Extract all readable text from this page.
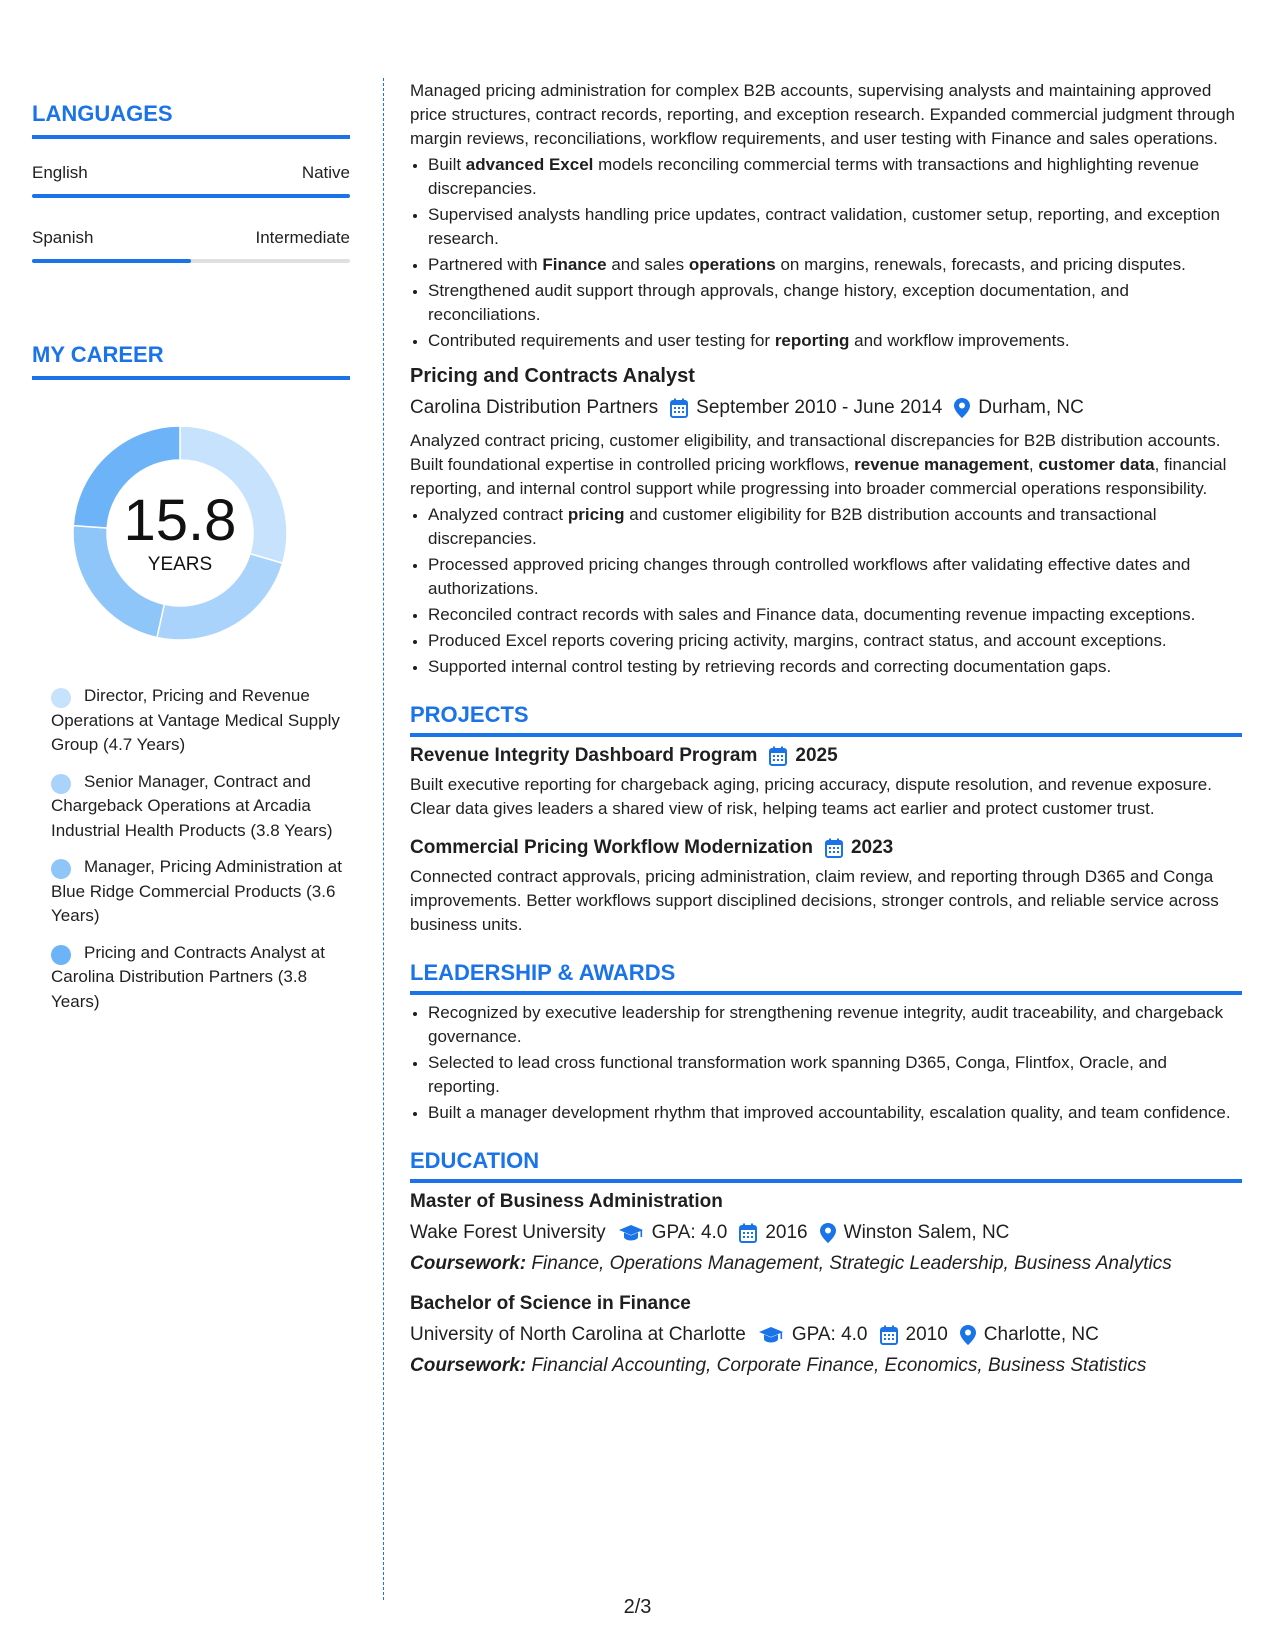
LANGUAGES
English	Native
Spanish	Intermediate
MY CAREER
15.8
YEARS
Director, Pricing and Revenue Operations at Vantage Medical Supply Group (4.7 Years)
Senior Manager, Contract and Chargeback Operations at Arcadia Industrial Health Products (3.8 Years)
Manager, Pricing Administration at Blue Ridge Commercial Products (3.6 Years)
Pricing and Contracts Analyst at Carolina Distribution Partners (3.8 Years)

Managed pricing administration for complex B2B accounts, supervising analysts and maintaining approved price structures, contract records, reporting, and exception research. Expanded commercial judgment through margin reviews, reconciliations, workflow requirements, and user testing with Finance and sales operations.

• Built advanced Excel models reconciling commercial terms with transactions and highlighting revenue discrepancies.
• Supervised analysts handling price updates, contract validation, customer setup, reporting, and exception research.
• Partnered with Finance and sales operations on margins, renewals, forecasts, and pricing disputes.
• Strengthened audit support through approvals, change history, exception documentation, and reconciliations.
• Contributed requirements and user testing for reporting and workflow improvements.
Pricing and Contracts Analyst
Carolina Distribution Partners September 2010 - June 2014 Durham, NC

Analyzed contract pricing, customer eligibility, and transactional discrepancies for B2B distribution accounts. Built foundational expertise in controlled pricing workflows, revenue management, customer data, financial reporting, and internal control support while progressing into broader commercial operations responsibility.

• Analyzed contract pricing and customer eligibility for B2B distribution accounts and transactional discrepancies.
• Processed approved pricing changes through controlled workflows after validating effective dates and authorizations.
• Reconciled contract records with sales and Finance data, documenting revenue impacting exceptions.
• Produced Excel reports covering pricing activity, margins, contract status, and account exceptions.
• Supported internal control testing by retrieving records and correcting documentation gaps.
PROJECTS
Revenue Integrity Dashboard Program 2025

Built executive reporting for chargeback aging, pricing accuracy, dispute resolution, and revenue exposure. Clear data gives leaders a shared view of risk, helping teams act earlier and protect customer trust.

Commercial Pricing Workflow Modernization 2023

Connected contract approvals, pricing administration, claim review, and reporting through D365 and Conga improvements. Better workflows support disciplined decisions, stronger controls, and reliable service across business units.

LEADERSHIP & AWARDS
• Recognized by executive leadership for strengthening revenue integrity, audit traceability, and chargeback governance.
• Selected to lead cross functional transformation work spanning D365, Conga, Flintfox, Oracle, and reporting.
• Built a manager development rhythm that improved accountability, escalation quality, and team confidence.
EDUCATION
Master of Business Administration
Wake Forest University GPA: 4.0 2016 Winston Salem, NC
Coursework: Finance, Operations Management, Strategic Leadership, Business Analytics
Bachelor of Science in Finance
University of North Carolina at Charlotte GPA: 4.0 2010 Charlotte, NC
Coursework: Financial Accounting, Corporate Finance, Economics, Business Statistics
2/3
